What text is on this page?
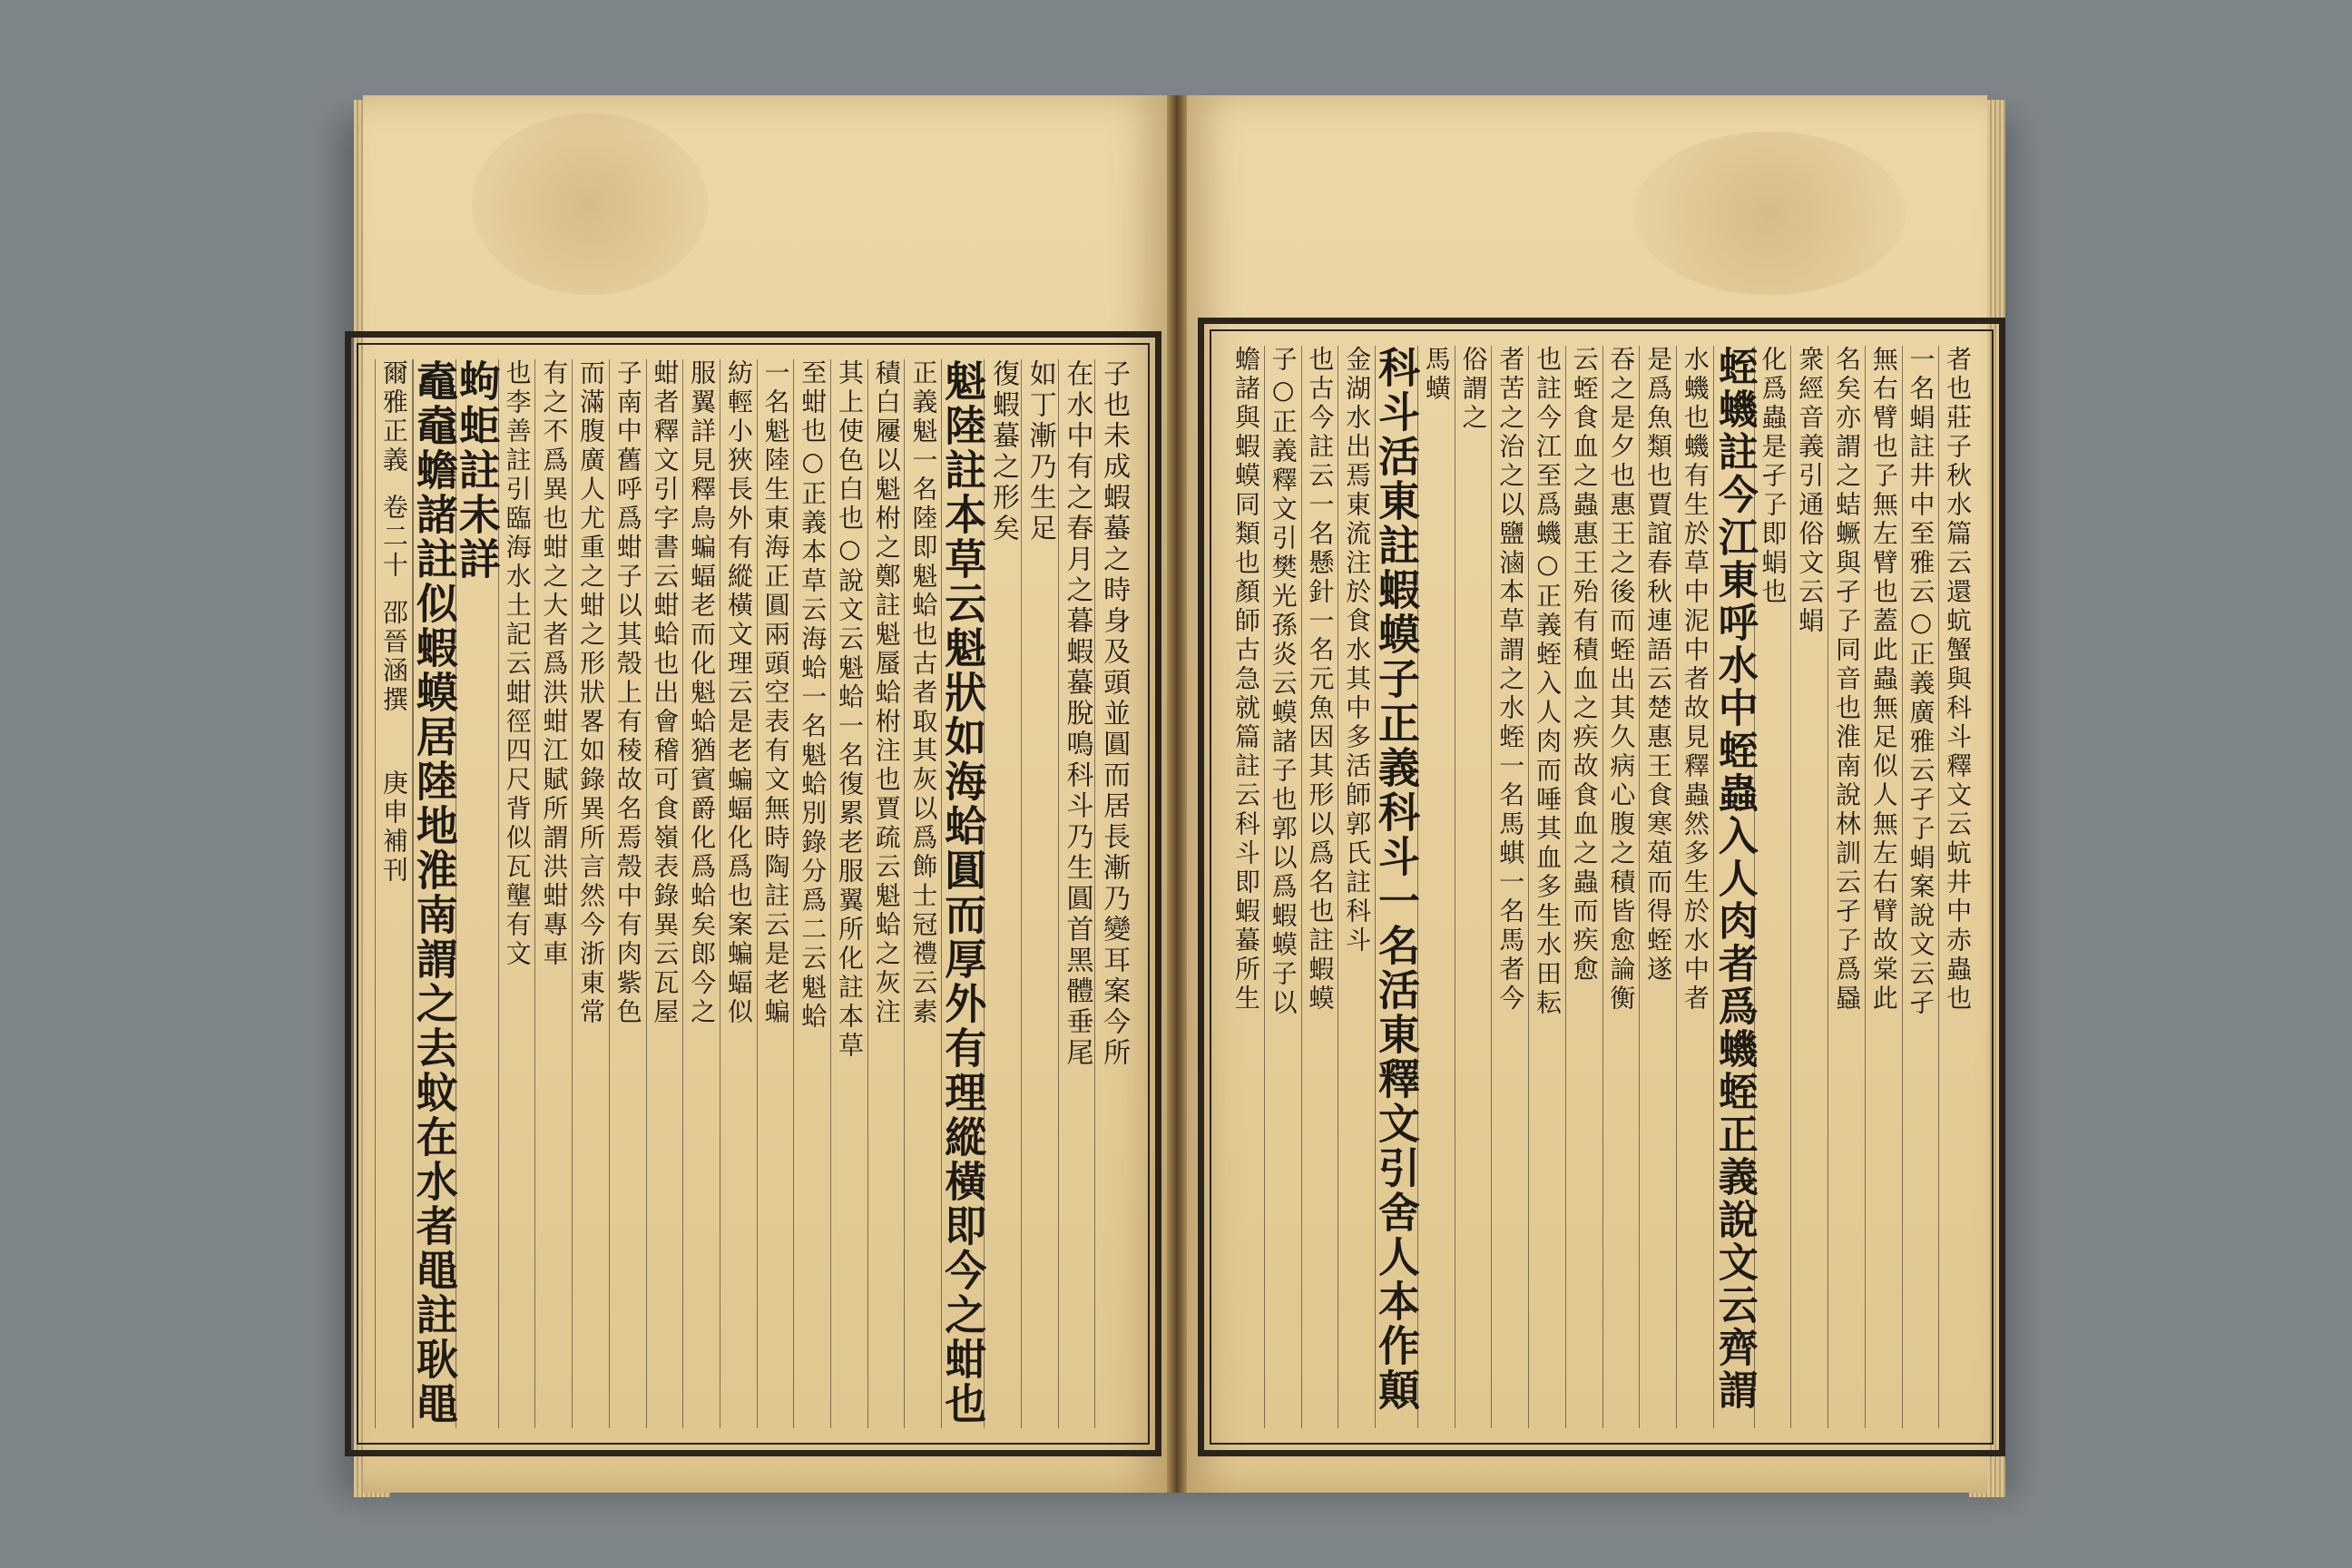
子也未成蝦蟇之時身及頭並圓而居長漸乃變耳案今所
在水中有之春月之暮蝦蟇脫鳴科斗乃生圓首黑體垂尾
如丁漸乃生足
復蝦蟇之形矣
魁陸註本草云魁狀如海蛤圓而厚外有理縱橫即今之蚶也
正義魁一名陸即魁蛤也古者取其灰以爲飾士冠禮云素
積白屨以魁柎之鄭註魁蜃蛤柎注也賈疏云魁蛤之灰注
其上使色白也○說文云魁蛤一名復累老服翼所化註本草
至蚶也○正義本草云海蛤一名魁蛤別錄分爲二云魁蛤
一名魁陸生東海正圓兩頭空表有文無時陶註云是老蝙
紡輕小狹長外有縱橫文理云是老蝙蝠化爲也案蝙蝠似
服翼詳見釋鳥蝙蝠老而化魁蛤猶賓爵化爲蛤矣郎今之
蚶者釋文引字書云蚶蛤也出會稽可食嶺表錄異云瓦屋
子南中舊呼爲蚶子以其殼上有稜故名焉殼中有肉紫色
而滿腹廣人尤重之蚶之形狀畧如錄異所言然今浙東常
有之不爲異也蚶之大者爲洪蚶江賦所謂洪蚶專車
也李善註引臨海水土記云蚶徑四尺背似瓦壟有文
蚼蚷註未詳
鼁鼀蟾諸註似蝦蟆居陸地淮南謂之去蚊在水者黽註耿黽
爾雅正義
卷二十
邵晉涵撰
庚申補刊	者也莊子秋水篇云還蚢蟹與科斗釋文云蚢井中赤蟲也
一名蜎註井中至雅云○正義廣雅云孑孒蜎案說文云孑
無右臂也孒無左臂也蓋此蟲無足似人無左右臂故棠此
名矣亦謂之蛣蟩與孑孒同音也淮南說林訓云孑孒爲蟁
衆經音義引通俗文云蜎
化爲蟲是孑孒即蜎也
蛭蟣註今江東呼水中蛭蟲入人肉者爲蟣蛭正義說文云齊謂
水蟣也蟣有生於草中泥中者故見釋蟲然多生於水中者
是爲魚類也賈誼春秋連語云楚惠王食寒葅而得蛭遂
吞之是夕也惠王之後而蛭出其久病心腹之積皆愈論衡
云蛭食血之蟲惠王殆有積血之疾故食血之蟲而疾愈
也註今江至爲蟣○正義蛭入人肉而唾其血多生水田耘
者苦之治之以鹽滷本草謂之水蛭一名馬蜞一名馬者今
俗謂之
馬蟥
科斗活東註蝦蟆子正義科斗一名活東釋文引舍人本作顛
金湖水出焉東流注於食水其中多活師郭氏註科斗
也古今註云一名懸針一名元魚因其形以爲名也註蝦蟆
子○正義釋文引樊光孫炎云蟆諸子也郭以爲蝦蟆子以
蟾諸與蝦蟆同類也顏師古急就篇註云科斗即蝦蟇所生
